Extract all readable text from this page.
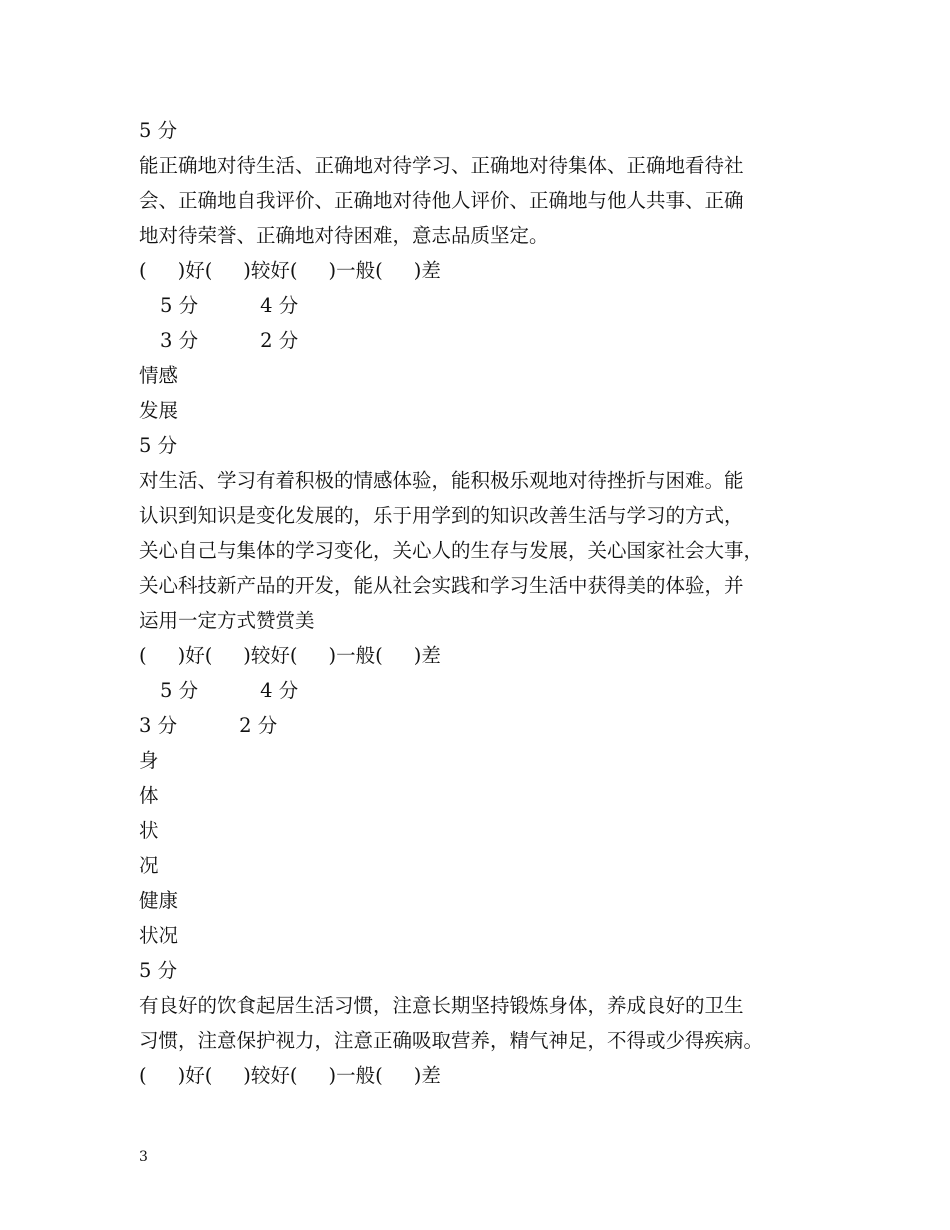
5 分
能正确地对待生活、正确地对待学习、正确地对待集体、正确地看待社
会、正确地自我评价、正确地对待他人评价、正确地与他人共事、正确
地对待荣誉、正确地对待困难，意志品质坚定。
(     )好(     )较好(     )一般(     )差
5 分          4 分
3 分          2 分
情感
发展
5 分
对生活、学习有着积极的情感体验，能积极乐观地对待挫折与困难。能
认识到知识是变化发展的，乐于用学到的知识改善生活与学习的方式，
关心自己与集体的学习变化，关心人的生存与发展，关心国家社会大事，
关心科技新产品的开发，能从社会实践和学习生活中获得美的体验，并
运用一定方式赞赏美
(     )好(     )较好(     )一般(     )差
5 分          4 分
3 分          2 分
身
体
状
况
健康
状况
5 分
有良好的饮食起居生活习惯，注意长期坚持锻炼身体，养成良好的卫生
习惯，注意保护视力，注意正确吸取营养，精气神足，不得或少得疾病。
(     )好(     )较好(     )一般(     )差
3
